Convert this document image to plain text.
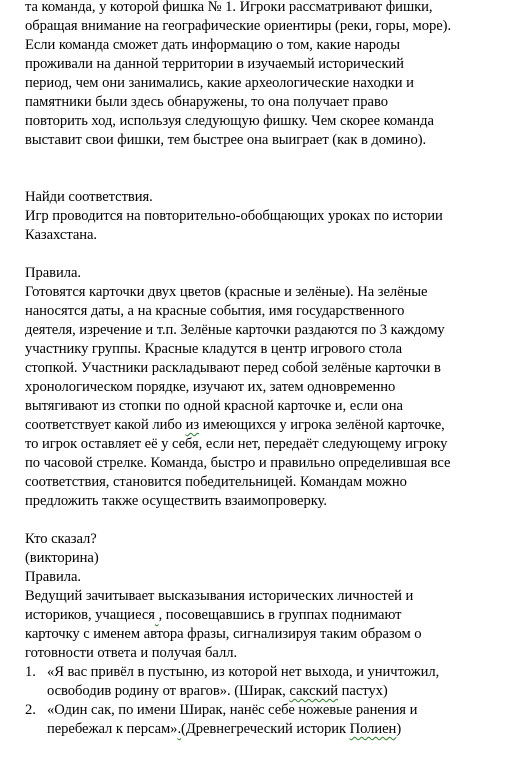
та команда, у которой фишка № 1. Игроки рассматривают фишки,
обращая внимание на географические ориентиры (реки, горы, море).
Если команда сможет дать информацию о том, какие народы
проживали на данной территории в изучаемый исторический
период, чем они занимались, какие археологические находки и
памятники были здесь обнаружены, то она получает право
повторить ход, используя следующую фишку. Чем скорее команда
выставит свои фишки, тем быстрее она выиграет (как в домино).
Найди соответствия.
Игр проводится на повторительно-обобщающих уроках по истории
Казахстана.
Правила.
Готовятся карточки двух цветов (красные и зелёные). На зелёные
наносятся даты, а на красные события, имя государственного
деятеля, изречение и т.п. Зелёные карточки раздаются по 3 каждому
участнику группы. Красные кладутся в центр игрового стола
стопкой. Участники раскладывают перед собой зелёные карточки в
хронологическом порядке, изучают их, затем одновременно
вытягивают из стопки по одной красной карточке и, если она
соответствует какой либо из имеющихся у игрока зелёной карточке,
то игрок оставляет её у себя, если нет, передаёт следующему игроку
по часовой стрелке. Команда, быстро и правильно определившая все
соответствия, становится победительницей. Командам можно
предложить также осуществить взаимопроверку.
Кто сказал?
(викторина)
Правила.
Ведущий зачитывает высказывания исторических личностей и
историков, учащиеся , посовещавшись в группах поднимают
карточку с именем автора фразы, сигнализируя таким образом о
готовности ответа и получая балл.
1. «Я вас привёл в пустыню, из которой нет выхода, и уничтожил,
освободив родину от врагов». (Ширак, сакский пастух)
2. «Один сак, по имени Ширак, нанёс себе ножевые ранения и
перебежал к персам».(Древнегреческий историк Полиен)
